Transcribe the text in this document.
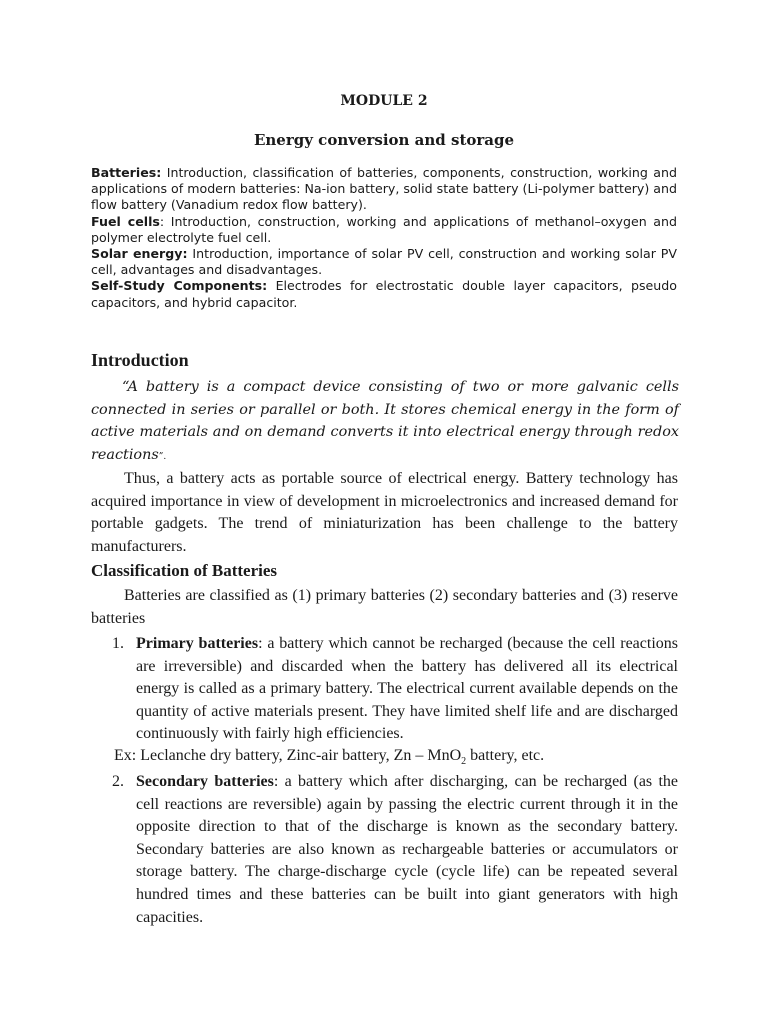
MODULE 2
Energy conversion and storage

Batteries: Introduction, classification of batteries, components, construction, working and applications of modern batteries: Na-ion battery, solid state battery (Li-polymer battery) and flow battery (Vanadium redox flow battery).

Fuel cells: Introduction, construction, working and applications of methanol–oxygen and polymer electrolyte fuel cell.

Solar energy: Introduction, importance of solar PV cell, construction and working solar PV cell, advantages and disadvantages.

Self-Study Components: Electrodes for electrostatic double layer capacitors, pseudo capacitors, and hybrid capacitor.

Introduction
“A battery is a compact device consisting of two or more galvanic cells connected in series or parallel or both. It stores chemical energy in the form of active materials and on demand converts it into electrical energy through redox reactions”.
Thus, a battery acts as portable source of electrical energy. Battery technology has acquired importance in view of development in microelectronics and increased demand for portable gadgets. The trend of miniaturization has been challenge to the battery manufacturers.
Classification of Batteries
Batteries are classified as (1) primary batteries (2) secondary batteries and (3) reserve batteries
1. Primary batteries: a battery which cannot be recharged (because the cell reactions are irreversible) and discarded when the battery has delivered all its electrical energy is called as a primary battery. The electrical current available depends on the quantity of active materials present. They have limited shelf life and are discharged continuously with fairly high efficiencies.
Ex: Leclanche dry battery, Zinc-air battery, Zn – MnO$_2$ battery, etc.
2. Secondary batteries: a battery which after discharging, can be recharged (as the cell reactions are reversible) again by passing the electric current through it in the opposite direction to that of the discharge is known as the secondary battery. Secondary batteries are also known as rechargeable batteries or accumulators or storage battery. The charge-discharge cycle (cycle life) can be repeated several hundred times and these batteries can be built into giant generators with high capacities.
